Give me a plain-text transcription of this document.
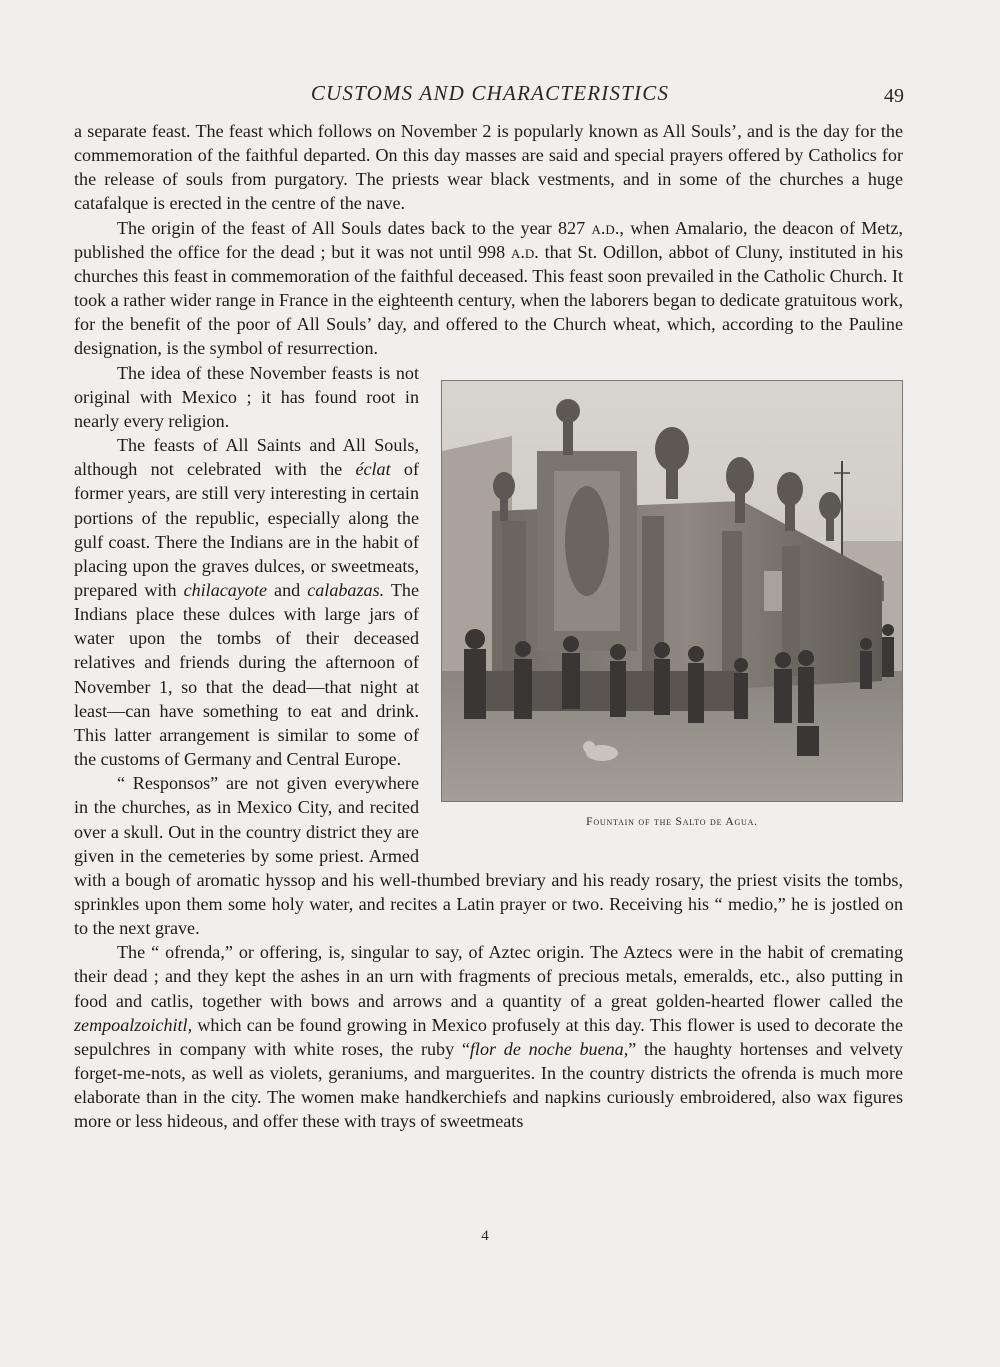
CUSTOMS AND CHARACTERISTICS	49

a separate feast. The feast which follows on November 2 is popularly known as All Souls’, and is the day for the commemoration of the faithful departed. On this day masses are said and special prayers offered by Catholics for the release of souls from purgatory. The priests wear black vestments, and in some of the churches a huge catafalque is erected in the centre of the nave.

The origin of the feast of All Souls dates back to the year 827 a.d., when Amalario, the deacon of Metz, published the office for the dead ; but it was not until 998 a.d. that St. Odillon, abbot of Cluny, instituted in his churches this feast in commemoration of the faithful deceased. This feast soon prevailed in the Catholic Church. It took a rather wider range in France in the eighteenth century, when the laborers began to dedicate gratuitous work, for the benefit of the poor of All Souls’ day, and offered to the Church wheat, which, according to the Pauline designation, is the symbol of resurrection.

Fountain of the Salto de Agua.

The idea of these November feasts is not original with Mexico ; it has found root in nearly every religion.

The feasts of All Saints and All Souls, although not celebrated with the éclat of former years, are still very interesting in certain portions of the republic, especially along the gulf coast. There the Indians are in the habit of placing upon the graves dulces, or sweetmeats, prepared with chilacayote and calabazas. The Indians place these dulces with large jars of water upon the tombs of their deceased relatives and friends during the afternoon of November 1, so that the dead—that night at least—can have something to eat and drink. This latter arrangement is similar to some of the customs of Germany and Central Europe.

“ Responsos” are not given everywhere in the churches, as in Mexico City, and recited over a skull. Out in the country district they are given in the cemeteries by some priest. Armed with a bough of aromatic hyssop and his well-thumbed breviary and his ready rosary, the priest visits the tombs, sprinkles upon them some holy water, and recites a Latin prayer or two. Receiving his “ medio,” he is jostled on to the next grave.

The “ ofrenda,” or offering, is, singular to say, of Aztec origin. The Aztecs were in the habit of cremating their dead ; and they kept the ashes in an urn with fragments of precious metals, emeralds, etc., also putting in food and catlis, together with bows and arrows and a quantity of a great golden-hearted flower called the zempoalzoichitl, which can be found growing in Mexico profusely at this day. This flower is used to decorate the sepulchres in company with white roses, the ruby “flor de noche buena,” the haughty hortenses and velvety forget-me-nots, as well as violets, geraniums, and marguerites. In the country districts the ofrenda is much more elaborate than in the city. The women make handkerchiefs and napkins curiously embroidered, also wax figures more or less hideous, and offer these with trays of sweetmeats

4
